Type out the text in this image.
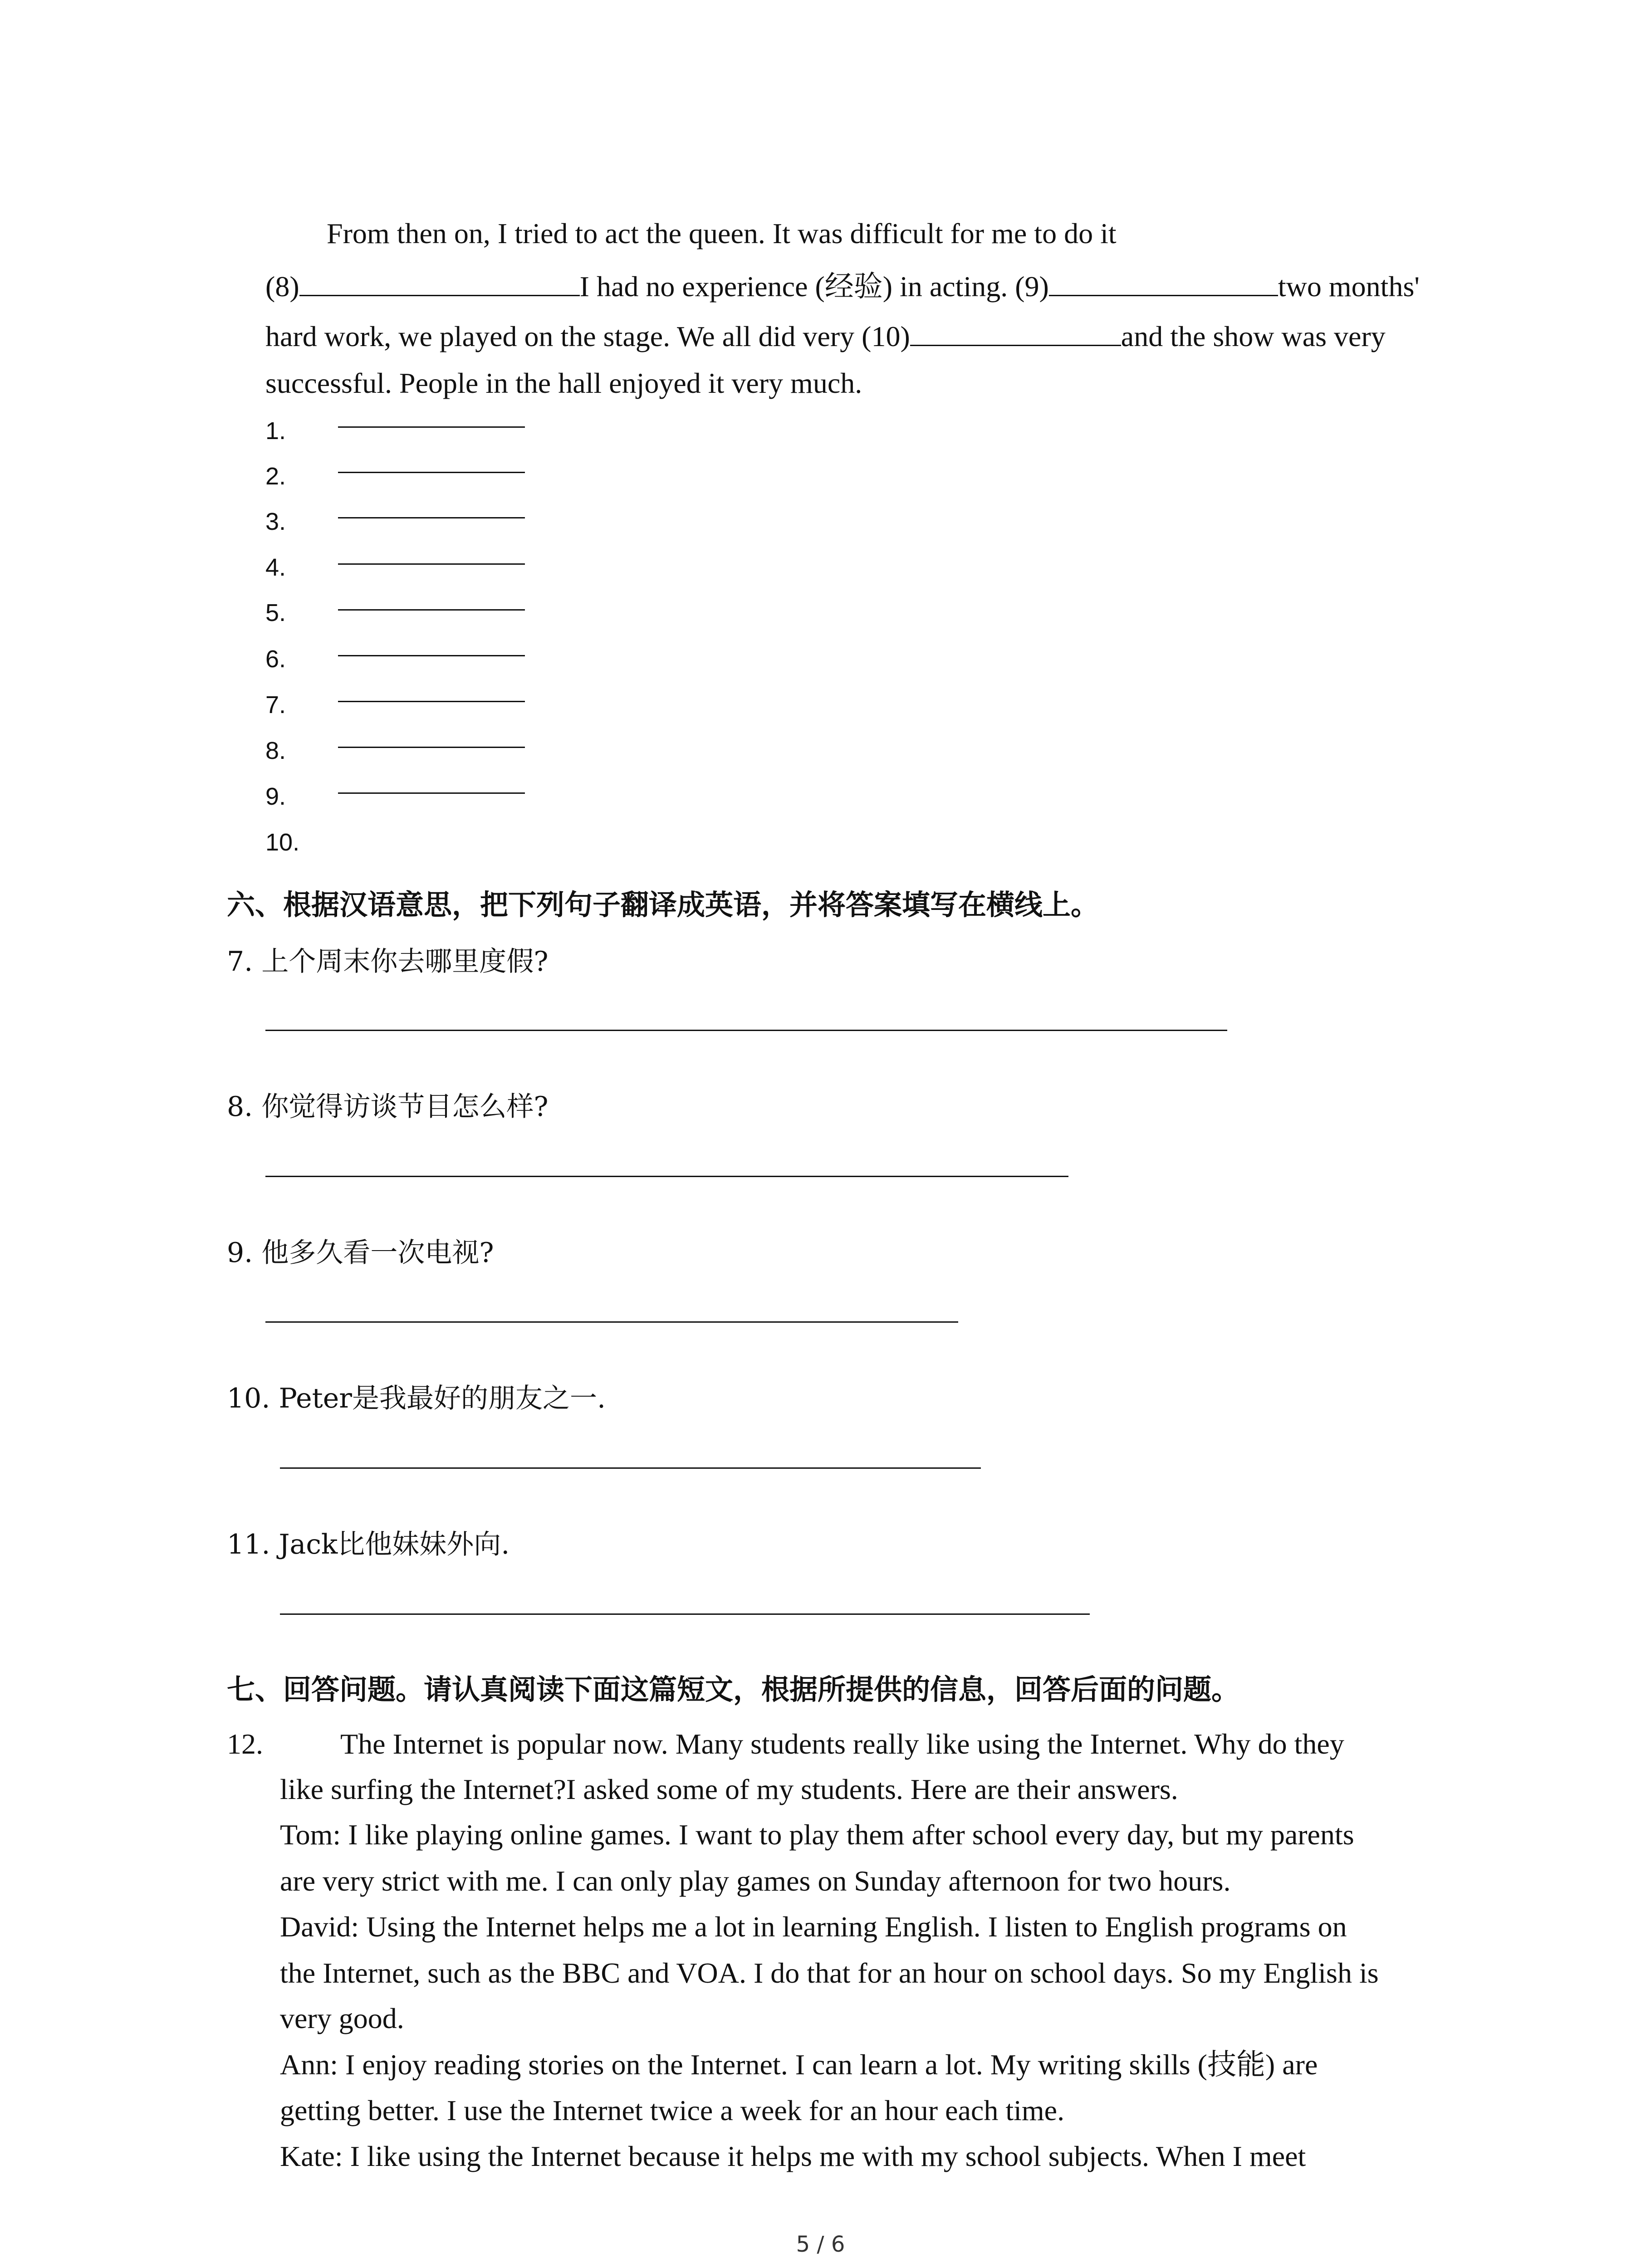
From then on, I tried to act the queen. It was difficult for me to do it
(8)	I had no experience (经验) in acting. (9)	two months'
hard work, we played on the stage. We all did very (10)	and the show was very
successful. People in the hall enjoyed it very much.
1.
2.
3.
4.
5.
6.
7.
8.
9.
10.
六、根据汉语意思，把下列句子翻译成英语，并将答案填写在横线上。
7. 上个周末你去哪里度假?
8. 你觉得访谈节目怎么样?
9. 他多久看一次电视?
10. Peter是我最好的朋友之一.
11. Jack比他妹妹外向.
七、回答问题。请认真阅读下面这篇短文，根据所提供的信息，回答后面的问题。
12.	The Internet is popular now. Many students really like using the Internet. Why do they
like surfing the Internet?I asked some of my students. Here are their answers.
Tom: I like playing online games. I want to play them after school every day, but my parents
are very strict with me. I can only play games on Sunday afternoon for two hours.
David: Using the Internet helps me a lot in learning English. I listen to English programs on
the Internet, such as the BBC and VOA. I do that for an hour on school days. So my English is
very good.
Ann: I enjoy reading stories on the Internet. I can learn a lot. My writing skills (技能) are
getting better. I use the Internet twice a week for an hour each time.
Kate: I like using the Internet because it helps me with my school subjects. When I meet
5 / 6
